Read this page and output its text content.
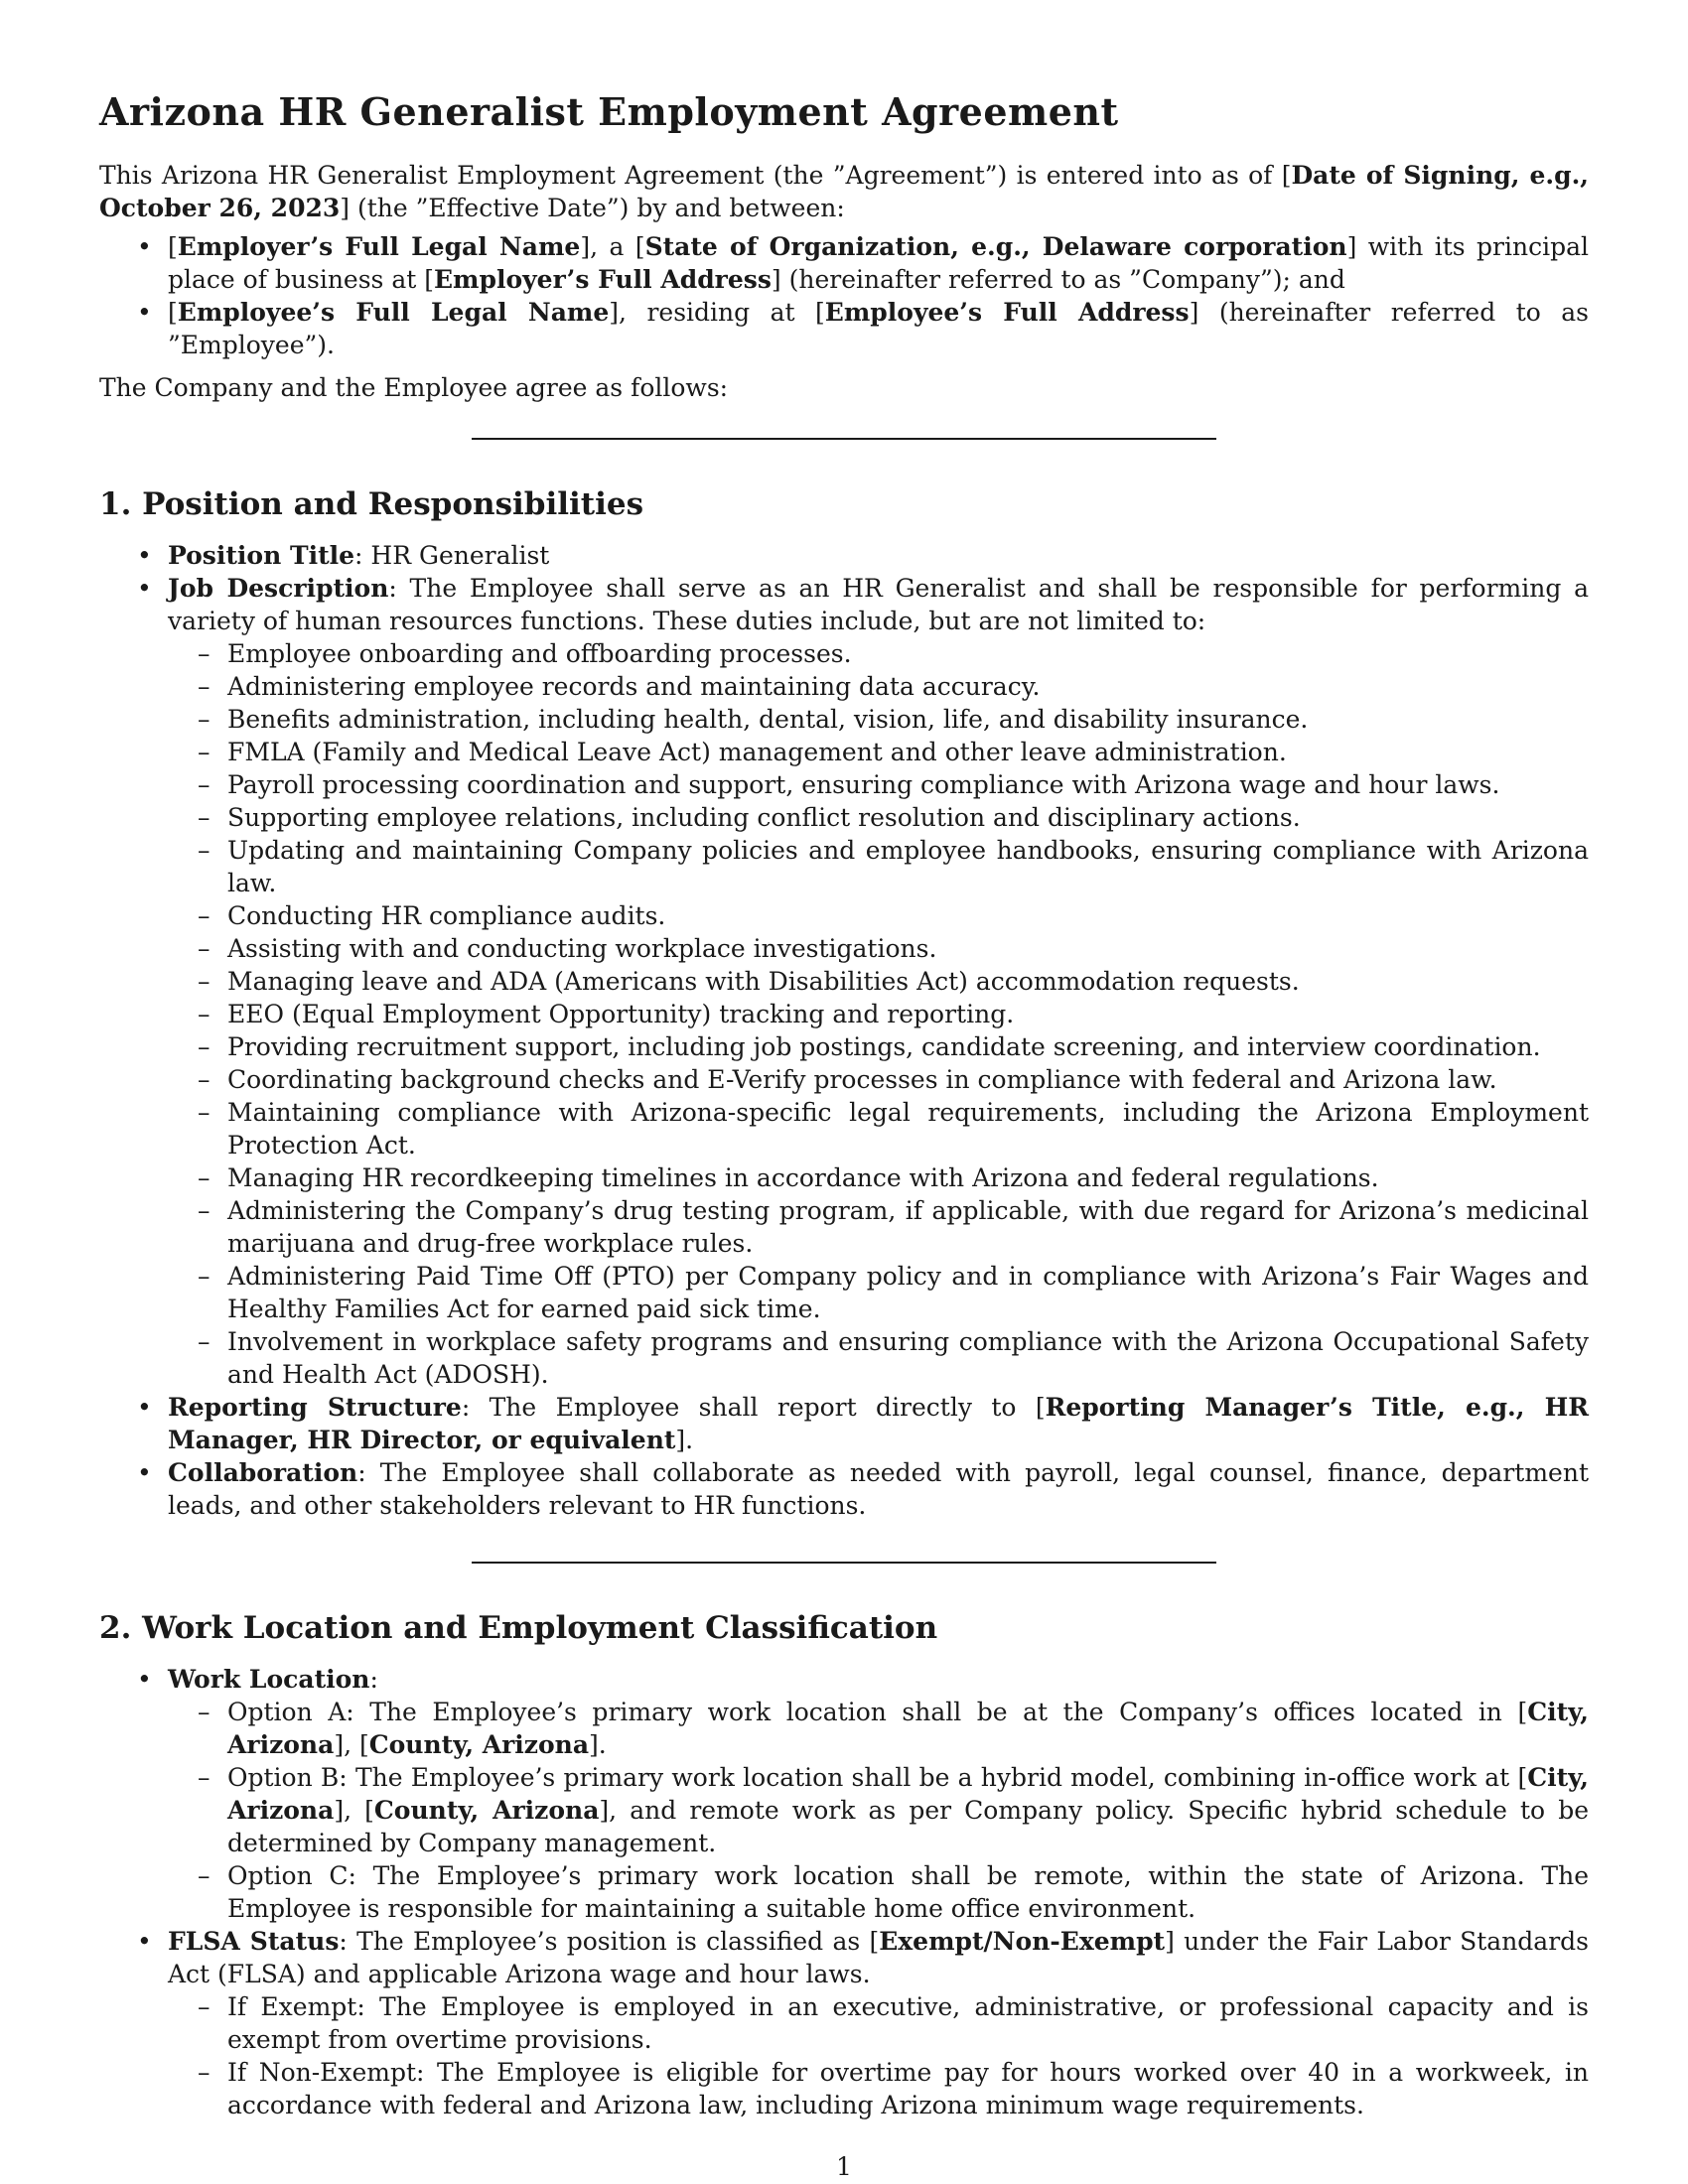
Arizona HR Generalist Employment Agreement

This Arizona HR Generalist Employment Agreement (the ”Agreement”) is entered into as of [Date of Signing, e.g., October 26, 2023] (the ”Effective Date”) by and between:

• [Employer’s Full Legal Name], a [State of Organization, e.g., Delaware corporation] with its principal place of business at [Employer’s Full Address] (hereinafter referred to as ”Company”); and
• [Employee’s Full Legal Name], residing at [Employee’s Full Address] (hereinafter referred to as ”Employee”).

The Company and the Employee agree as follows:

1. Position and Responsibilities
• Position Title: HR Generalist
• Job Description: The Employee shall serve as an HR Generalist and shall be responsible for performing a variety of human resources functions. These duties include, but are not limited to:
– Employee onboarding and offboarding processes.
– Administering employee records and maintaining data accuracy.
– Benefits administration, including health, dental, vision, life, and disability insurance.
– FMLA (Family and Medical Leave Act) management and other leave administration.
– Payroll processing coordination and support, ensuring compliance with Arizona wage and hour laws.
– Supporting employee relations, including conflict resolution and disciplinary actions.
– Updating and maintaining Company policies and employee handbooks, ensuring compliance with Arizona law.
– Conducting HR compliance audits.
– Assisting with and conducting workplace investigations.
– Managing leave and ADA (Americans with Disabilities Act) accommodation requests.
– EEO (Equal Employment Opportunity) tracking and reporting.
– Providing recruitment support, including job postings, candidate screening, and interview coordination.
– Coordinating background checks and E-Verify processes in compliance with federal and Arizona law.
– Maintaining compliance with Arizona-specific legal requirements, including the Arizona Employment Protection Act.
– Managing HR recordkeeping timelines in accordance with Arizona and federal regulations.
– Administering the Company’s drug testing program, if applicable, with due regard for Arizona’s medicinal marijuana and drug-free workplace rules.
– Administering Paid Time Off (PTO) per Company policy and in compliance with Arizona’s Fair Wages and Healthy Families Act for earned paid sick time.
– Involvement in workplace safety programs and ensuring compliance with the Arizona Occupational Safety and Health Act (ADOSH).
• Reporting Structure: The Employee shall report directly to [Reporting Manager’s Title, e.g., HR Manager, HR Director, or equivalent].
• Collaboration: The Employee shall collaborate as needed with payroll, legal counsel, finance, department leads, and other stakeholders relevant to HR functions.
2. Work Location and Employment Classification
• Work Location:
– Option A: The Employee’s primary work location shall be at the Company’s offices located in [City, Arizona], [County, Arizona].
– Option B: The Employee’s primary work location shall be a hybrid model, combining in-office work at [City, Arizona], [County, Arizona], and remote work as per Company policy. Specific hybrid schedule to be determined by Company management.
– Option C: The Employee’s primary work location shall be remote, within the state of Arizona. The Employee is responsible for maintaining a suitable home office environment.
• FLSA Status: The Employee’s position is classified as [Exempt/Non-Exempt] under the Fair Labor Standards Act (FLSA) and applicable Arizona wage and hour laws.
– If Exempt: The Employee is employed in an executive, administrative, or professional capacity and is exempt from overtime provisions.
– If Non-Exempt: The Employee is eligible for overtime pay for hours worked over 40 in a workweek, in accordance with federal and Arizona law, including Arizona minimum wage requirements.
1
